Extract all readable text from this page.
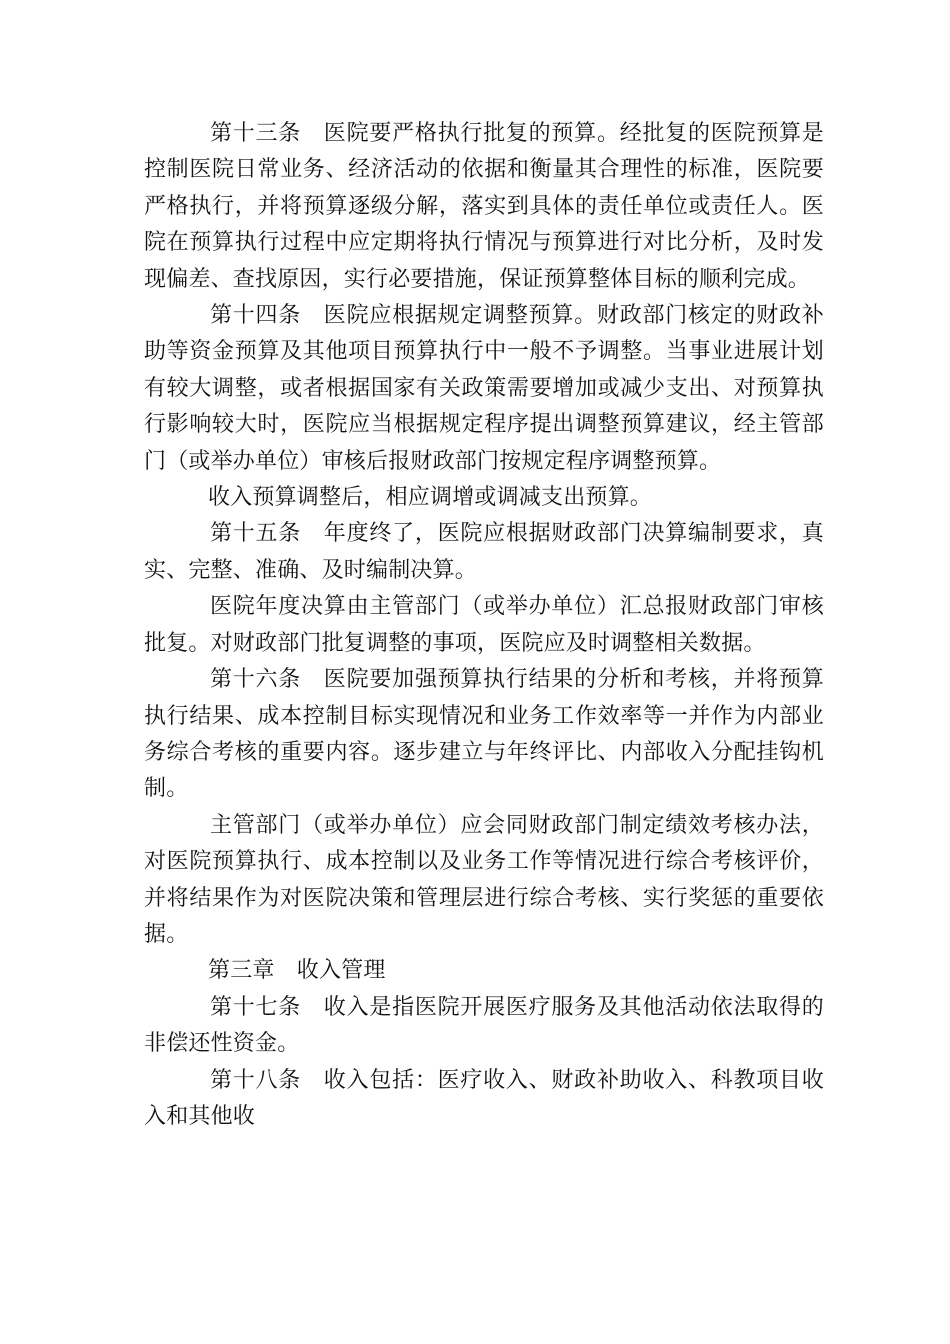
第十三条　医院要严格执行批复的预算。经批复的医院预算是控制医院日常业务、经济活动的依据和衡量其合理性的标准，医院要严格执行，并将预算逐级分解，落实到具体的责任单位或责任人。医院在预算执行过程中应定期将执行情况与预算进行对比分析，及时发现偏差、查找原因，实行必要措施，保证预算整体目标的顺利完成。

第十四条　医院应根据规定调整预算。财政部门核定的财政补助等资金预算及其他项目预算执行中一般不予调整。当事业进展计划有较大调整，或者根据国家有关政策需要增加或减少支出、对预算执行影响较大时，医院应当根据规定程序提出调整预算建议，经主管部门（或举办单位）审核后报财政部门按规定程序调整预算。

收入预算调整后，相应调增或调减支出预算。

第十五条　年度终了，医院应根据财政部门决算编制要求，真实、完整、准确、及时编制决算。

医院年度决算由主管部门（或举办单位）汇总报财政部门审核批复。对财政部门批复调整的事项，医院应及时调整相关数据。

第十六条　医院要加强预算执行结果的分析和考核，并将预算执行结果、成本控制目标实现情况和业务工作效率等一并作为内部业务综合考核的重要内容。逐步建立与年终评比、内部收入分配挂钩机制。

主管部门（或举办单位）应会同财政部门制定绩效考核办法，对医院预算执行、成本控制以及业务工作等情况进行综合考核评价，并将结果作为对医院决策和管理层进行综合考核、实行奖惩的重要依据。

第三章　收入管理

第十七条　收入是指医院开展医疗服务及其他活动依法取得的非偿还性资金。

第十八条　收入包括：医疗收入、财政补助收入、科教项目收入和其他收
